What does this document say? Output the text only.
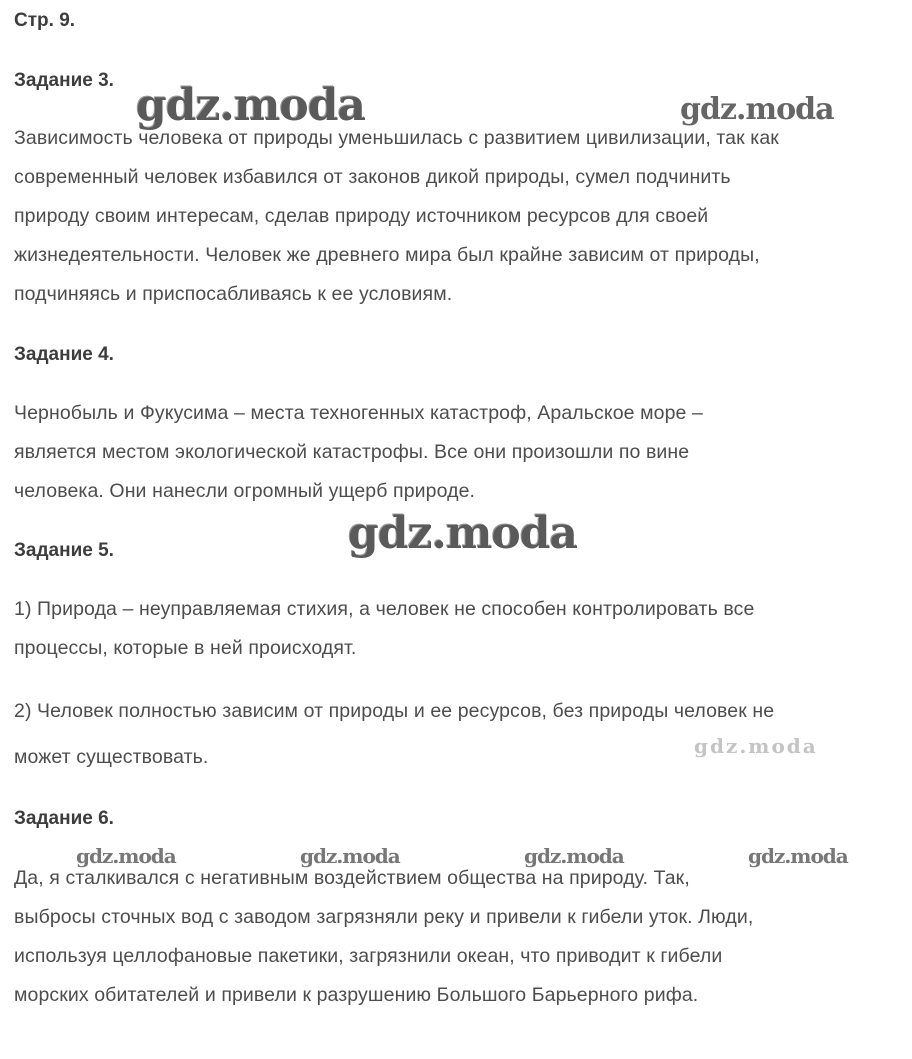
Стр. 9.
Задание 3.
Зависимость человека от природы уменьшилась с развитием цивилизации, так как
современный человек избавился от законов дикой природы, сумел подчинить
природу своим интересам, сделав природу источником ресурсов для своей
жизнедеятельности. Человек же древнего мира был крайне зависим от природы,
подчиняясь и приспосабливаясь к ее условиям.
Задание 4.
Чернобыль и Фукусима – места техногенных катастроф, Аральское море –
является местом экологической катастрофы. Все они произошли по вине
человека. Они нанесли огромный ущерб природе.
Задание 5.
1) Природа – неуправляемая стихия, а человек не способен контролировать все
процессы, которые в ней происходят.
2) Человек полностью зависим от природы и ее ресурсов, без природы человек не
может существовать.
Задание 6.
Да, я сталкивался с негативным воздействием общества на природу. Так,
выбросы сточных вод с заводом загрязняли реку и привели к гибели уток. Люди,
используя целлофановые пакетики, загрязнили океан, что приводит к гибели
морских обитателей и привели к разрушению Большого Барьерного рифа.
gdz.moda	gdz.moda
gdz.moda
gdz.moda
gdz.moda	gdz.moda	gdz.moda	gdz.moda
